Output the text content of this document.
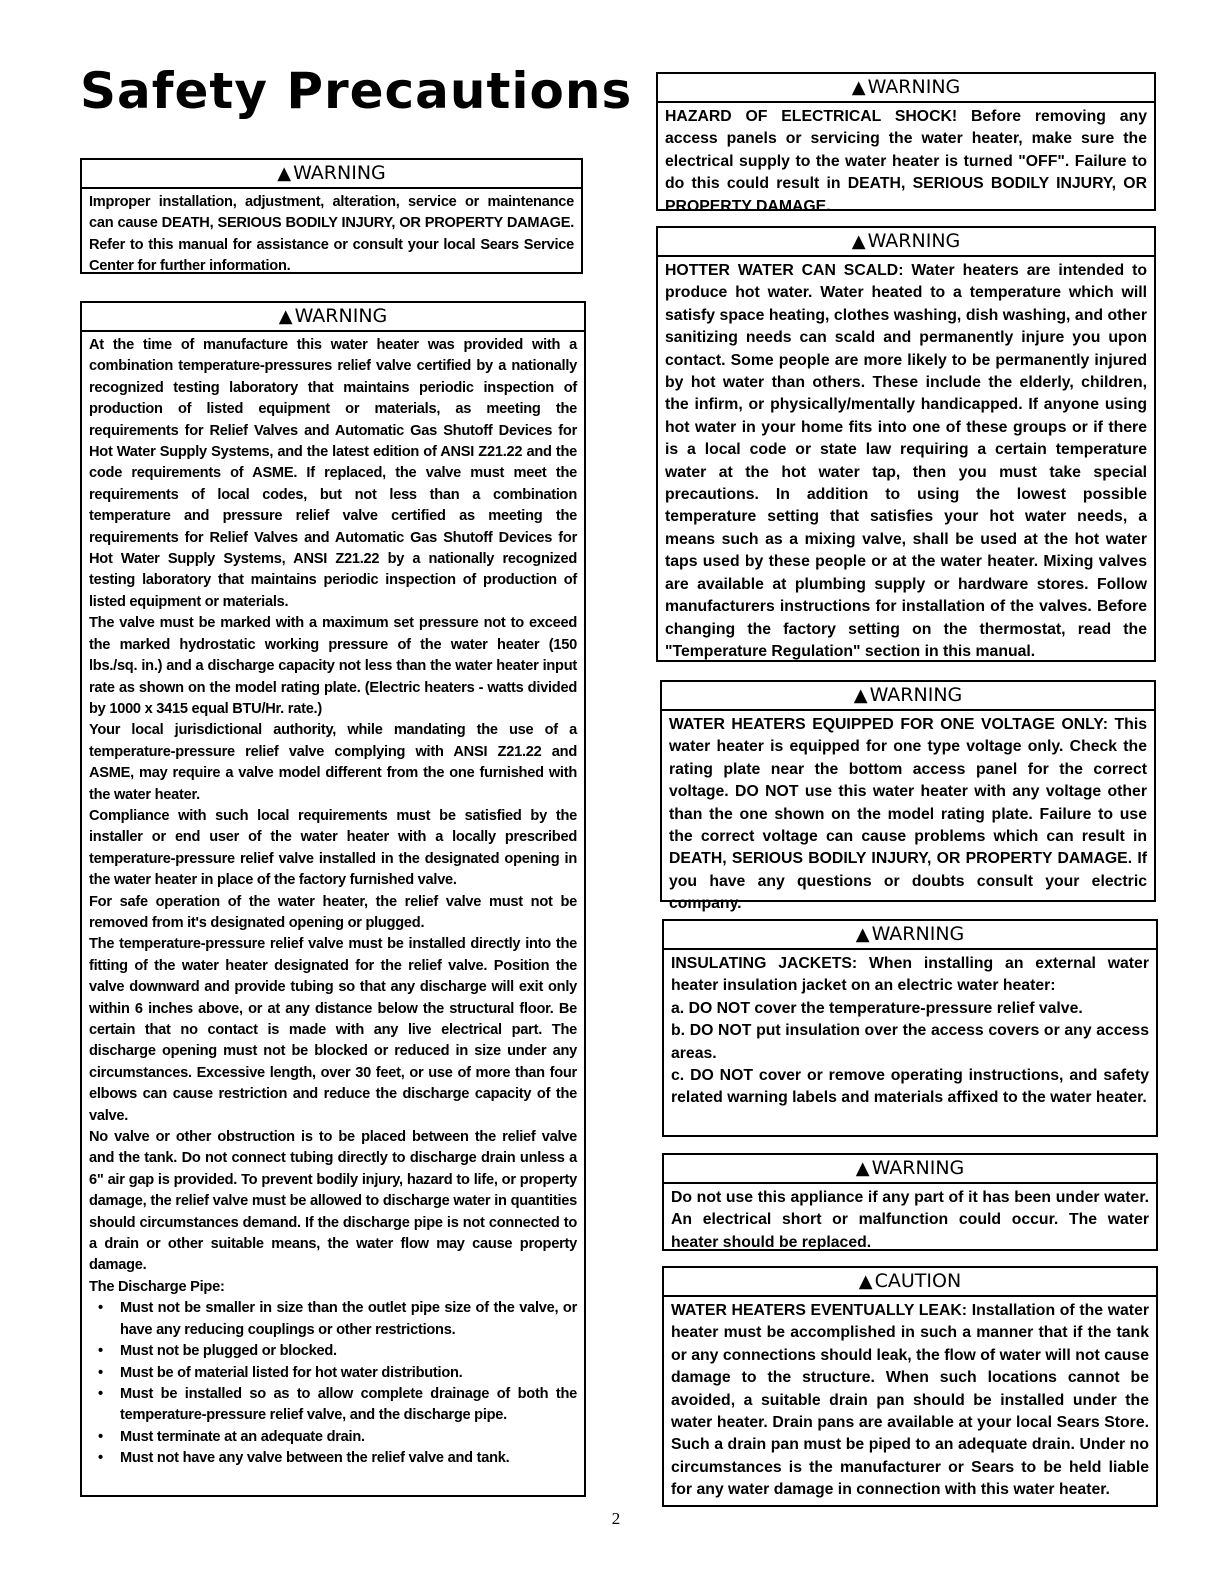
Safety Precautions
▲ WARNING

Improper installation, adjustment, alteration, service or maintenance can cause DEATH, SERIOUS BODILY INJURY, OR PROPERTY DAMAGE. Refer to this manual for assistance or consult your local Sears Service Center for further information.

▲ WARNING

At the time of manufacture this water heater was provided with a combination temperature-pressures relief valve certified by a nationally recognized testing laboratory that maintains periodic inspection of production of listed equipment or materials, as meeting the requirements for Relief Valves and Automatic Gas Shutoff Devices for Hot Water Supply Systems, and the latest edition of ANSI Z21.22 and the code requirements of ASME. If replaced, the valve must meet the requirements of local codes, but not less than a combination temperature and pressure relief valve certified as meeting the requirements for Relief Valves and Automatic Gas Shutoff Devices for Hot Water Supply Systems, ANSI Z21.22 by a nationally recognized testing laboratory that maintains periodic inspection of production of listed equipment or materials.

The valve must be marked with a maximum set pressure not to exceed the marked hydrostatic working pressure of the water heater (150 lbs./sq. in.) and a discharge capacity not less than the water heater input rate as shown on the model rating plate. (Electric heaters - watts divided by 1000 x 3415 equal BTU/Hr. rate.)

Your local jurisdictional authority, while mandating the use of a temperature-pressure relief valve complying with ANSI Z21.22 and ASME, may require a valve model different from the one furnished with the water heater.

Compliance with such local requirements must be satisfied by the installer or end user of the water heater with a locally prescribed temperature-pressure relief valve installed in the designated opening in the water heater in place of the factory furnished valve.

For safe operation of the water heater, the relief valve must not be removed from it's designated opening or plugged.

The temperature-pressure relief valve must be installed directly into the fitting of the water heater designated for the relief valve. Position the valve downward and provide tubing so that any discharge will exit only within 6 inches above, or at any distance below the structural floor. Be certain that no contact is made with any live electrical part. The discharge opening must not be blocked or reduced in size under any circumstances. Excessive length, over 30 feet, or use of more than four elbows can cause restriction and reduce the discharge capacity of the valve.

No valve or other obstruction is to be placed between the relief valve and the tank. Do not connect tubing directly to discharge drain unless a 6" air gap is provided. To prevent bodily injury, hazard to life, or property damage, the relief valve must be allowed to discharge water in quantities should circumstances demand. If the discharge pipe is not connected to a drain or other suitable means, the water flow may cause property damage.

The Discharge Pipe:

• Must not be smaller in size than the outlet pipe size of the valve, or have any reducing couplings or other restrictions.
• Must not be plugged or blocked.
• Must be of material listed for hot water distribution.
• Must be installed so as to allow complete drainage of both the temperature-pressure relief valve, and the discharge pipe.
• Must terminate at an adequate drain.
• Must not have any valve between the relief valve and tank.
▲ WARNING

HAZARD OF ELECTRICAL SHOCK! Before removing any access panels or servicing the water heater, make sure the electrical supply to the water heater is turned "OFF". Failure to do this could result in DEATH, SERIOUS BODILY INJURY, OR PROPERTY DAMAGE.

▲ WARNING

HOTTER WATER CAN SCALD: Water heaters are intended to produce hot water. Water heated to a temperature which will satisfy space heating, clothes washing, dish washing, and other sanitizing needs can scald and permanently injure you upon contact. Some people are more likely to be permanently injured by hot water than others. These include the elderly, children, the infirm, or physically/mentally handicapped. If anyone using hot water in your home fits into one of these groups or if there is a local code or state law requiring a certain temperature water at the hot water tap, then you must take special precautions. In addition to using the lowest possible temperature setting that satisfies your hot water needs, a means such as a mixing valve, shall be used at the hot water taps used by these people or at the water heater. Mixing valves are available at plumbing supply or hardware stores. Follow manufacturers instructions for installation of the valves. Before changing the factory setting on the thermostat, read the "Temperature Regulation" section in this manual.

▲ WARNING

WATER HEATERS EQUIPPED FOR ONE VOLTAGE ONLY: This water heater is equipped for one type voltage only. Check the rating plate near the bottom access panel for the correct voltage. DO NOT use this water heater with any voltage other than the one shown on the model rating plate. Failure to use the correct voltage can cause problems which can result in DEATH, SERIOUS BODILY INJURY, OR PROPERTY DAMAGE. If you have any questions or doubts consult your electric company.

▲ WARNING

INSULATING JACKETS: When installing an external water heater insulation jacket on an electric water heater:

a. DO NOT cover the temperature-pressure relief valve.

b. DO NOT put insulation over the access covers or any access areas.

c. DO NOT cover or remove operating instructions, and safety related warning labels and materials affixed to the water heater.

▲ WARNING

Do not use this appliance if any part of it has been under water. An electrical short or malfunction could occur. The water heater should be replaced.

▲ CAUTION

WATER HEATERS EVENTUALLY LEAK: Installation of the water heater must be accomplished in such a manner that if the tank or any connections should leak, the flow of water will not cause damage to the structure. When such locations cannot be avoided, a suitable drain pan should be installed under the water heater. Drain pans are available at your local Sears Store. Such a drain pan must be piped to an adequate drain. Under no circumstances is the manufacturer or Sears to be held liable for any water damage in connection with this water heater.

2
